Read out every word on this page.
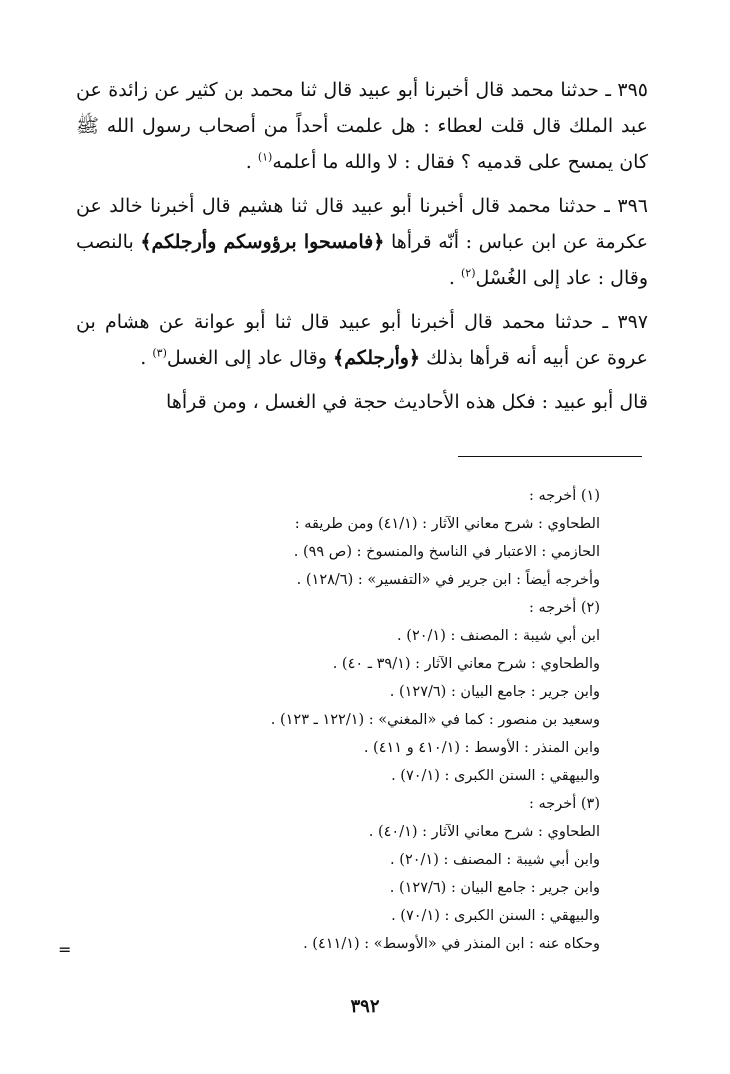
٣٩٥ ـ حدثنا محمد قال أخبرنا أبو عبيد قال ثنا محمد بن كثير عن زائدة عن عبد الملك قال قلت لعطاء : هل علمت أحداً من أصحاب رسول الله ﷺ كان يمسح على قدميه ؟ فقال : لا والله ما أعلمه$^{(١)}$ .

٣٩٦ ـ حدثنا محمد قال أخبرنا أبو عبيد قال ثنا هشيم قال أخبرنا خالد عن عكرمة عن ابن عباس : أنّه قرأها ﴿فامسحوا برؤوسكم وأرجلكم﴾ بالنصب وقال : عاد إلى الغُسْل$^{(٢)}$ .

٣٩٧ ـ حدثنا محمد قال أخبرنا أبو عبيد قال ثنا أبو عوانة عن هشام بن عروة عن أبيه أنه قرأها بذلك ﴿وأرجلكم﴾ وقال عاد إلى الغسل$^{(٣)}$ .

قال أبو عبيد : فكل هذه الأحاديث حجة في الغسل ، ومن قرأها

(١) أخرجه :
الطحاوي : شرح معاني الآثار : (٤١/١) ومن طريقه :
الحازمي : الاعتبار في الناسخ والمنسوخ : (ص ٩٩) .
وأخرجه أيضاً : ابن جرير في «التفسير» : (١٢٨/٦) .
(٢) أخرجه :
ابن أبي شيبة : المصنف : (٢٠/١) .
والطحاوي : شرح معاني الآثار : (٣٩/١ ـ ٤٠) .
وابن جرير : جامع البيان : (١٢٧/٦) .
وسعيد بن منصور : كما في «المغني» : (١٢٢/١ ـ ١٢٣) .
وابن المنذر : الأوسط : (٤١٠/١ و ٤١١) .
والبيهقي : السنن الكبرى : (٧٠/١) .
(٣) أخرجه :
الطحاوي : شرح معاني الآثار : (٤٠/١) .
وابن أبي شيبة : المصنف : (٢٠/١) .
وابن جرير : جامع البيان : (١٢٧/٦) .
والبيهقي : السنن الكبرى : (٧٠/١) .
وحكاه عنه : ابن المنذر في «الأوسط» : (٤١١/١) .
=
٣٩٢
